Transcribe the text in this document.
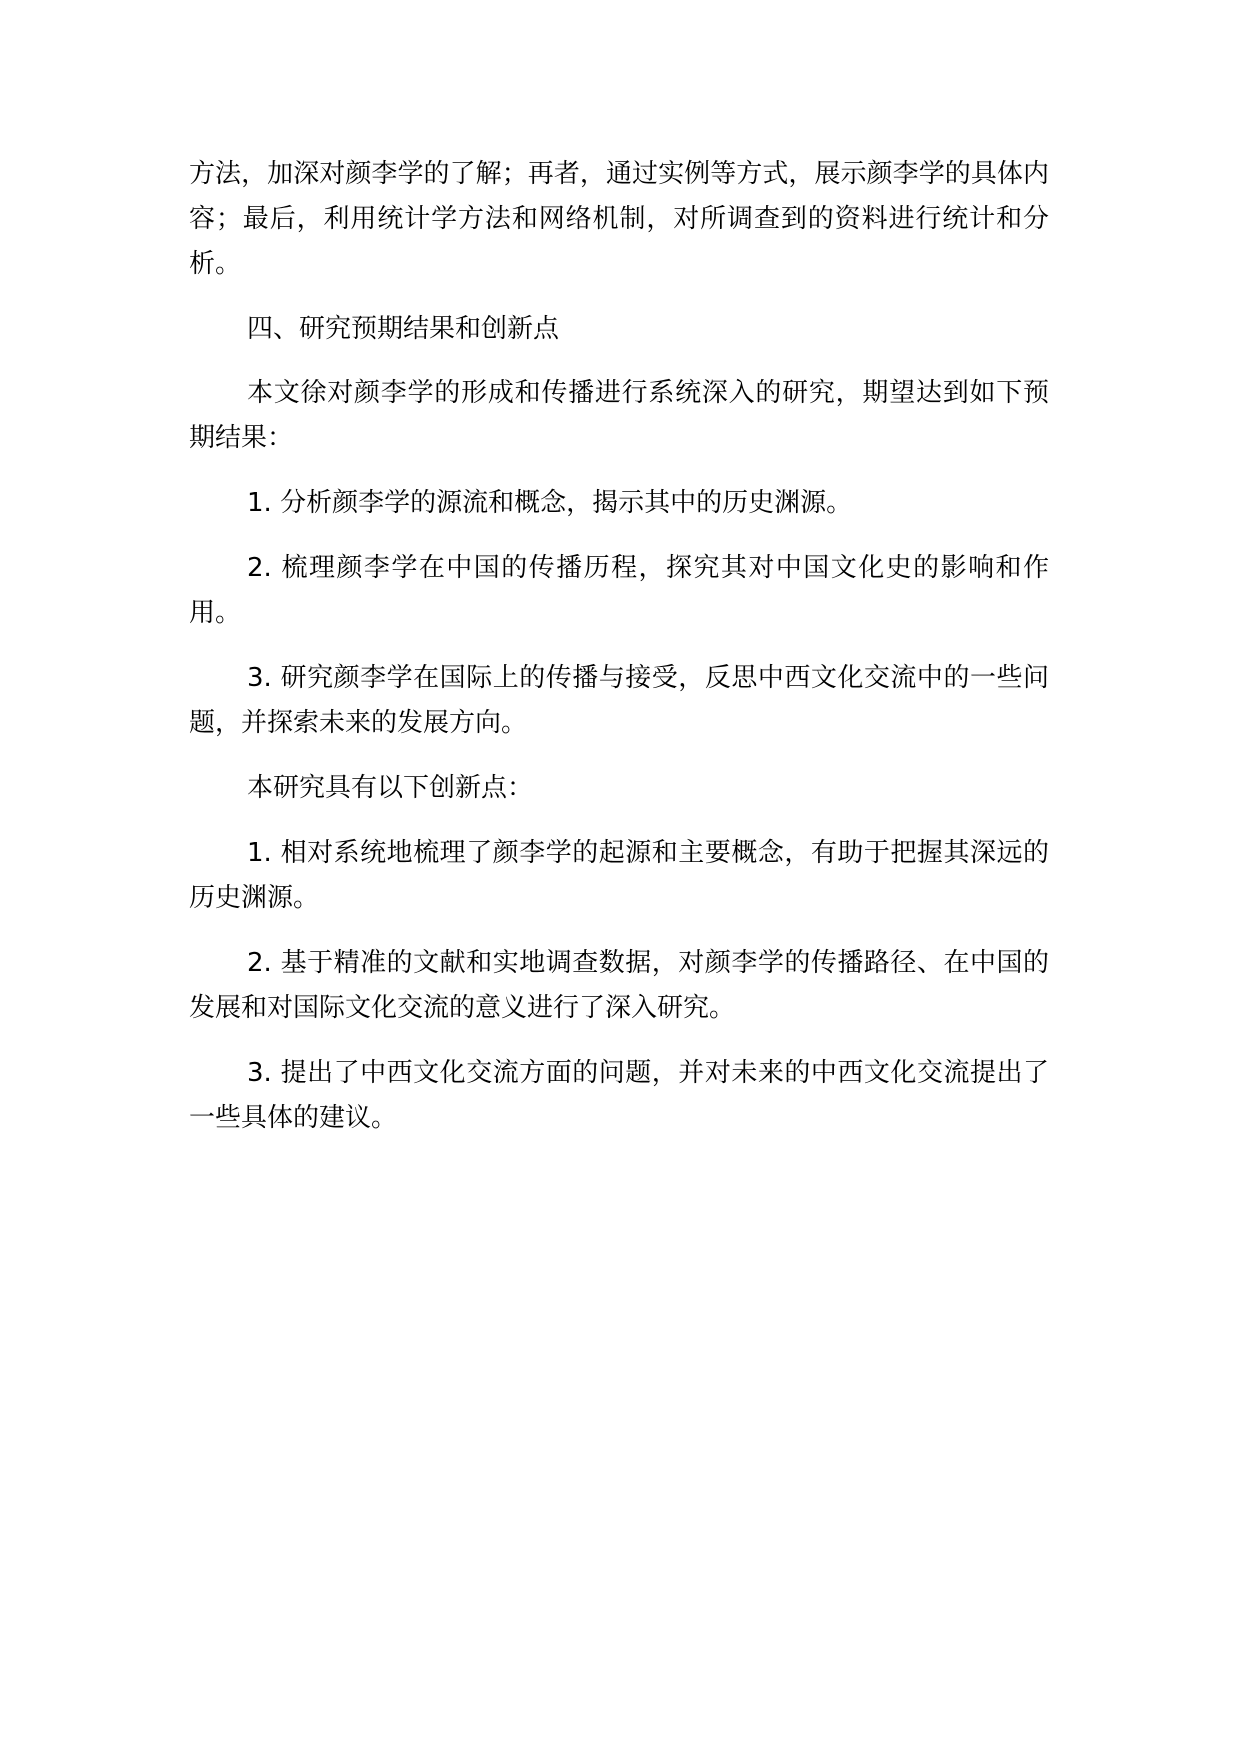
方法，加深对颜李学的了解；再者，通过实例等方式，展示颜李学的具体内容；最后，利用统计学方法和网络机制，对所调查到的资料进行统计和分析。

四、研究预期结果和创新点

本文徐对颜李学的形成和传播进行系统深入的研究，期望达到如下预期结果：

1. 分析颜李学的源流和概念，揭示其中的历史渊源。

2. 梳理颜李学在中国的传播历程，探究其对中国文化史的影响和作用。

3. 研究颜李学在国际上的传播与接受，反思中西文化交流中的一些问题，并探索未来的发展方向。

本研究具有以下创新点：

1. 相对系统地梳理了颜李学的起源和主要概念，有助于把握其深远的历史渊源。

2. 基于精准的文献和实地调查数据，对颜李学的传播路径、在中国的发展和对国际文化交流的意义进行了深入研究。

3. 提出了中西文化交流方面的问题，并对未来的中西文化交流提出了一些具体的建议。
